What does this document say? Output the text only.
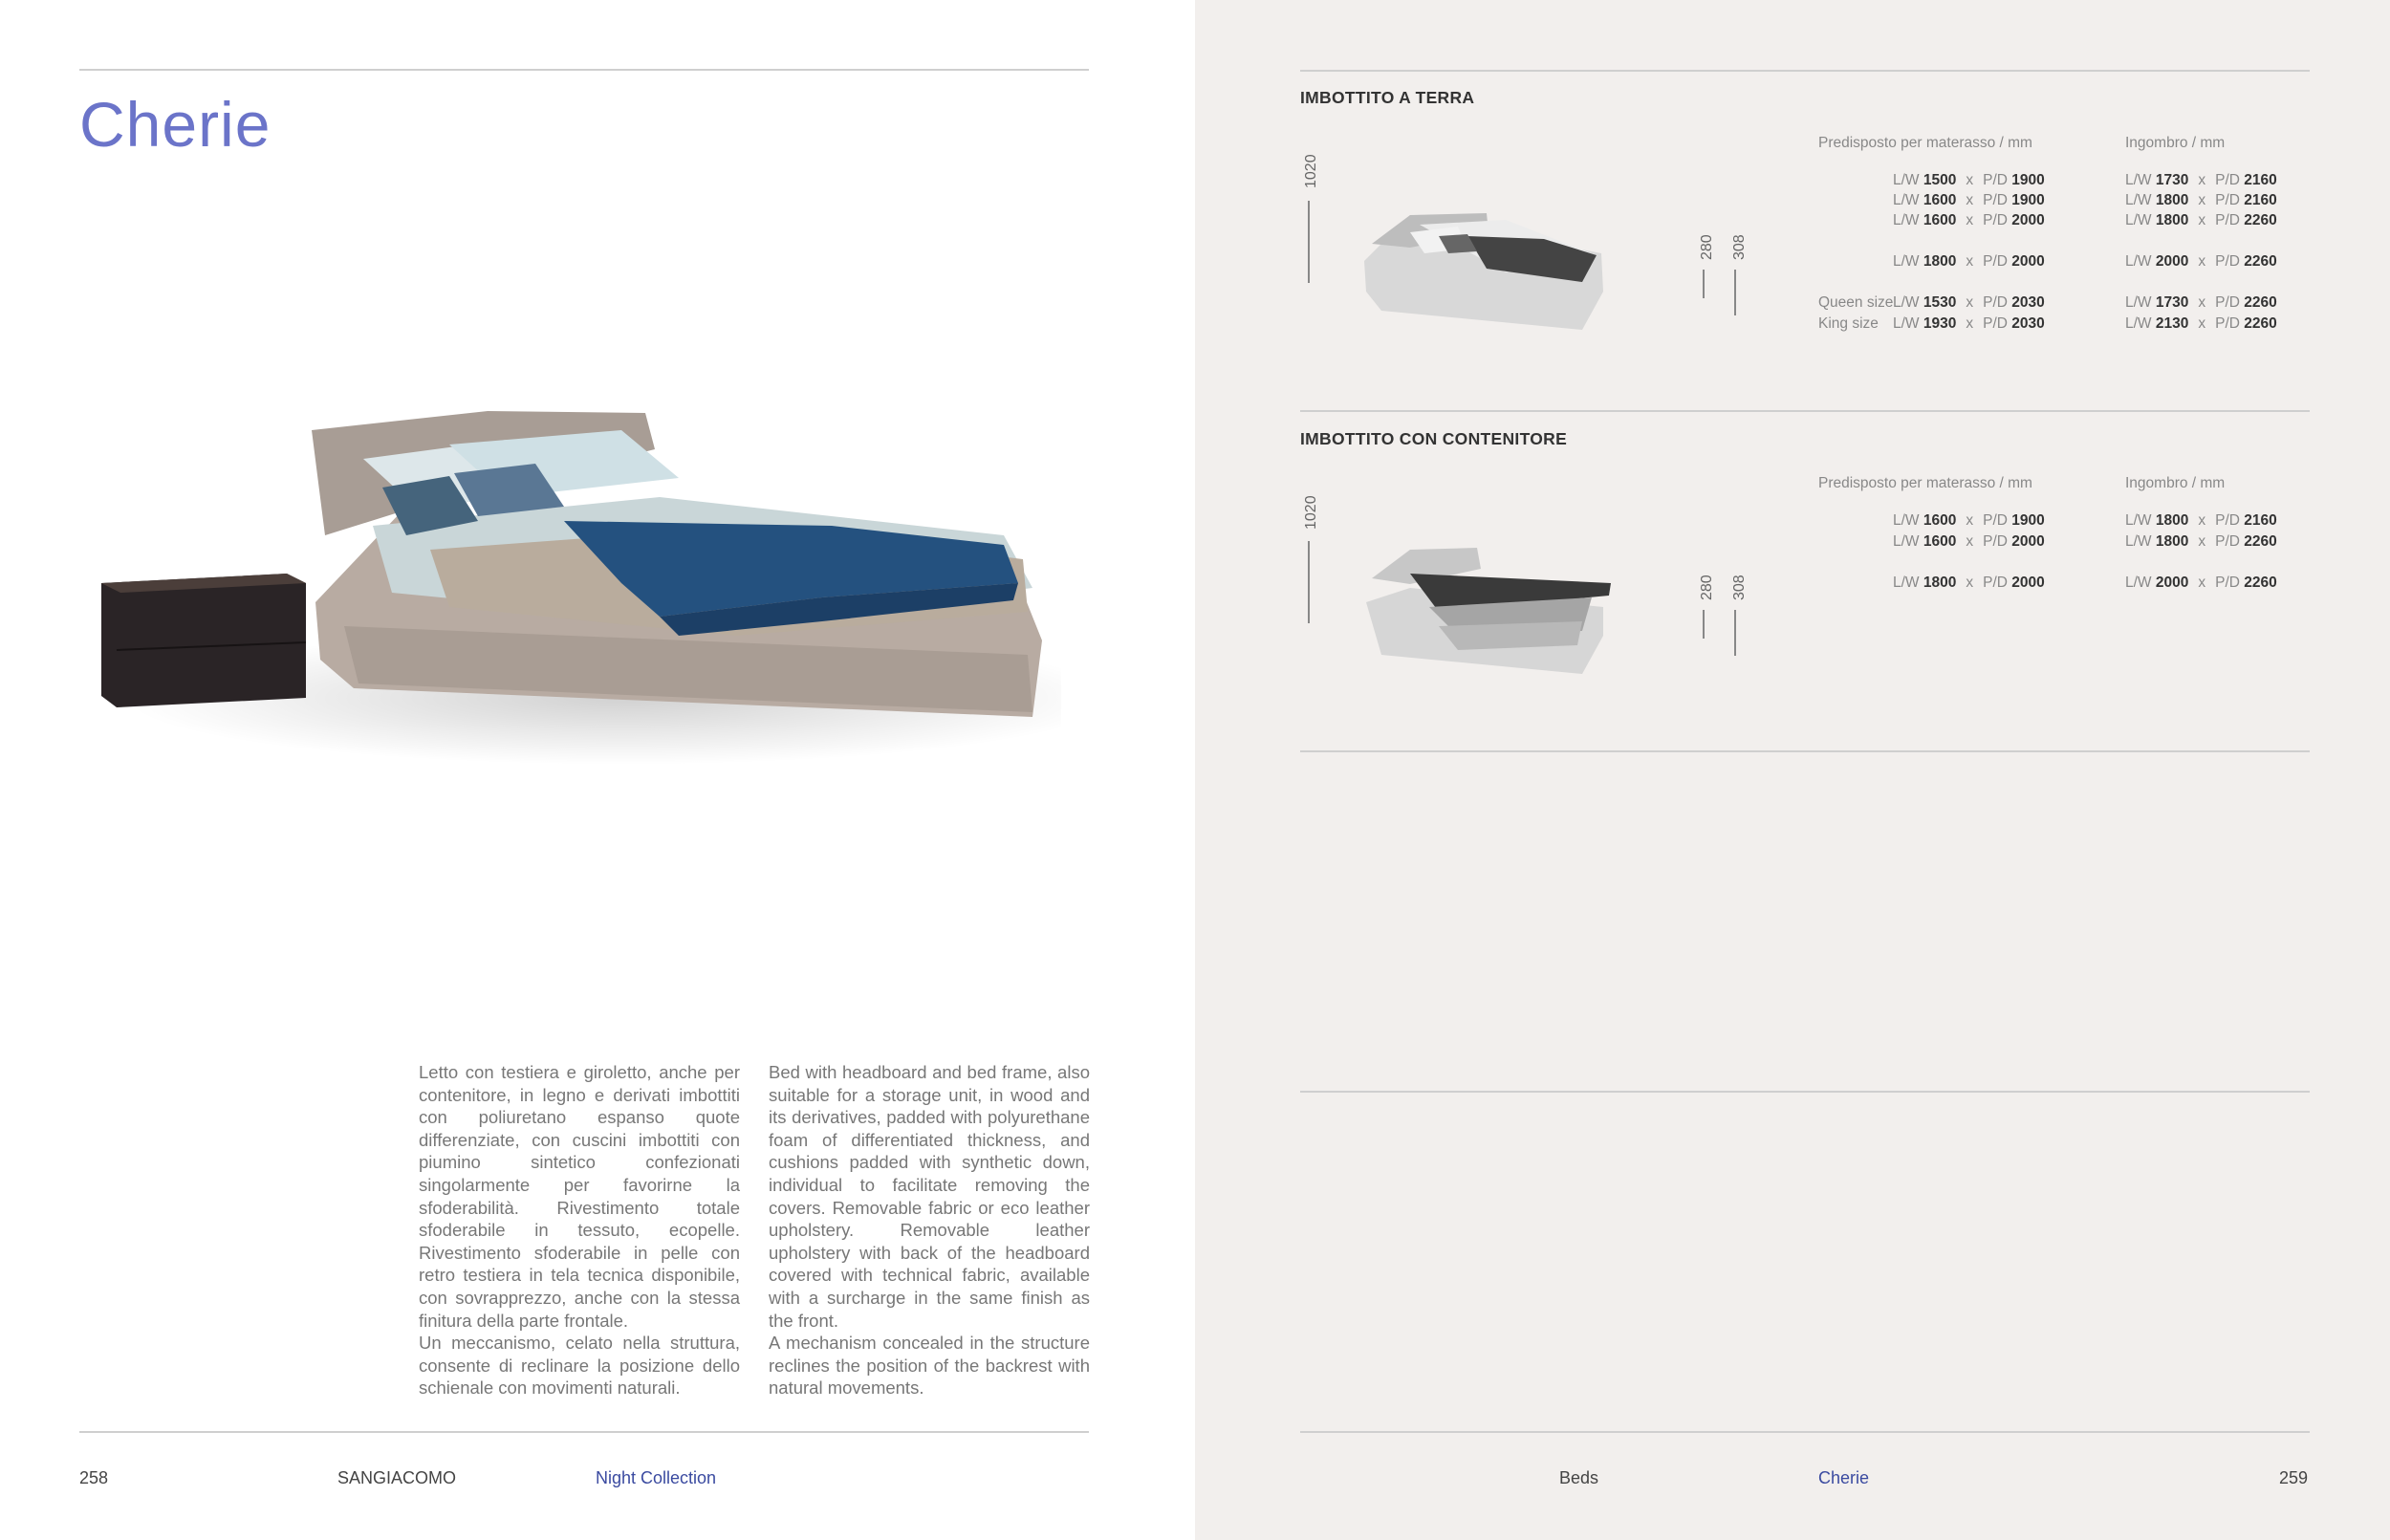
Cherie

Letto con testiera e giroletto, anche per contenitore, in legno e derivati imbottiti con poliuretano espanso quote differenziate, con cuscini imbottiti con piumino sintetico confezionati singolarmente per favorirne la sfoderabilità. Rivestimento totale sfoderabile in tessuto, ecopelle. Rivestimento sfoderabile in pelle con retro testiera in tela tecnica disponibile, con sovrapprezzo, anche con la stessa finitura della parte frontale.

Un meccanismo, celato nella struttura, consente di reclinare la posizione dello schienale con movimenti naturali.

Bed with headboard and bed frame, also suitable for a storage unit, in wood and its derivatives, padded with polyurethane foam of differentiated thickness, and cushions padded with synthetic down, individual to facilitate removing the covers. Removable fabric or eco leather upholstery. Removable leather upholstery with back of the headboard covered with technical fabric, available with a surcharge in the same finish as the front.

A mechanism concealed in the structure reclines the position of the backrest with natural movements.

258	SANGIACOMO	Night Collection
IMBOTTITO A TERRA
1020
280 308
Predisposto per materasso / mm	Ingombro / mm
L/W 1500 x P/D 1900	L/W 1730 x P/D 2160
L/W 1600 x P/D 1900	L/W 1800 x P/D 2160
L/W 1600 x P/D 2000	L/W 1800 x P/D 2260
L/W 1800 x P/D 2000	L/W 2000 x P/D 2260
Queen size L/W 1530 x P/D 2030	L/W 1730 x P/D 2260
King size L/W 1930 x P/D 2030	L/W 2130 x P/D 2260
IMBOTTITO CON CONTENITORE
1020
280 308
Predisposto per materasso / mm	Ingombro / mm
L/W 1600 x P/D 1900	L/W 1800 x P/D 2160
L/W 1600 x P/D 2000	L/W 1800 x P/D 2260
L/W 1800 x P/D 2000	L/W 2000 x P/D 2260
Beds	Cherie	259
